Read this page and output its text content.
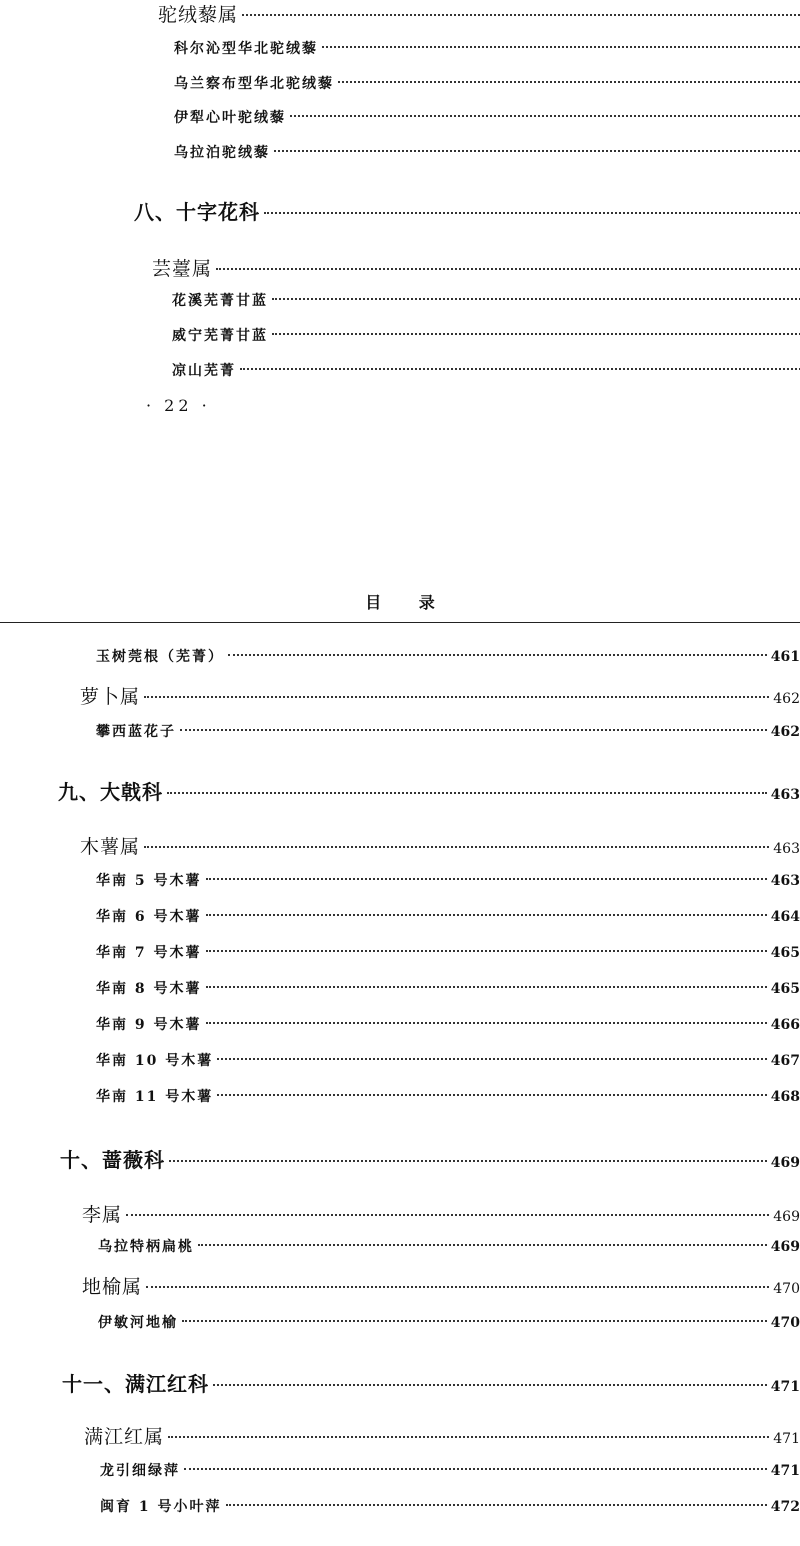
驼绒藜属
科尔沁型华北驼绒藜
乌兰察布型华北驼绒藜
伊犁心叶驼绒藜
乌拉泊驼绒藜
八、十字花科
芸薹属
花溪芜菁甘蓝
威宁芜菁甘蓝
凉山芜菁
· 22 ·
目 录
玉树莞根（芜菁）	461
萝卜属	462
攀西蓝花子	462
九、大戟科	463
木薯属	463
华南 5 号木薯	463
华南 6 号木薯	464
华南 7 号木薯	465
华南 8 号木薯	465
华南 9 号木薯	466
华南 10 号木薯	467
华南 11 号木薯	468
十、蔷薇科	469
李属	469
乌拉特柄扁桃	469
地榆属	470
伊敏河地榆	470
十一、满江红科	471
满江红属	471
龙引细绿萍	471
闽育 1 号小叶萍	472
